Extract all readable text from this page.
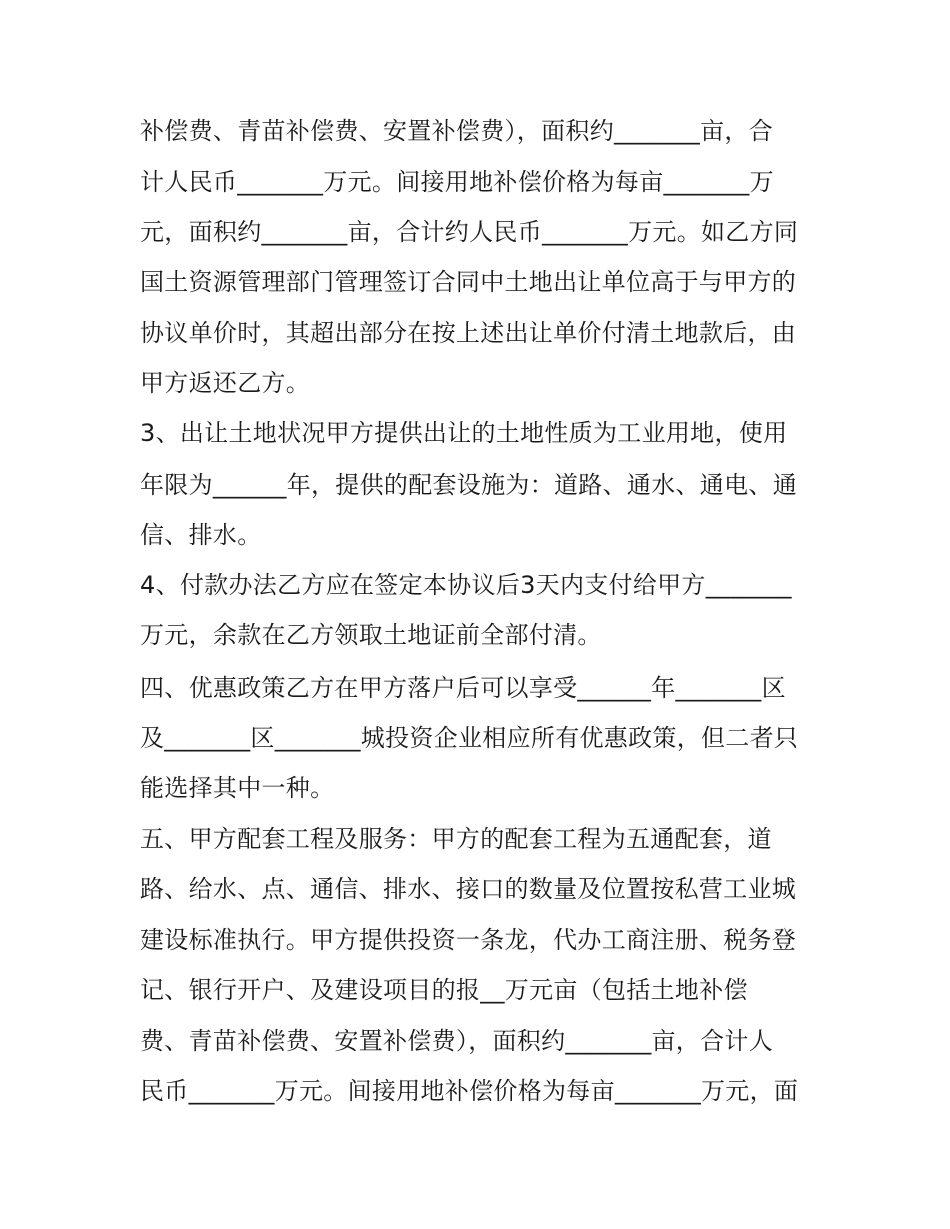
补偿费、青苗补偿费、安置补偿费），面积约_______亩，合
计人民币_______万元。间接用地补偿价格为每亩_______万
元，面积约_______亩，合计约人民币_______万元。如乙方同
国土资源管理部门管理签订合同中土地出让单位高于与甲方的
协议单价时，其超出部分在按上述出让单价付清土地款后，由
甲方返还乙方。
3、出让土地状况甲方提供出让的土地性质为工业用地，使用
年限为______年，提供的配套设施为：道路、通水、通电、通
信、排水。
4、付款办法乙方应在签定本协议后3天内支付给甲方_______
万元，余款在乙方领取土地证前全部付清。
四、优惠政策乙方在甲方落户后可以享受______年_______区
及_______区_______城投资企业相应所有优惠政策，但二者只
能选择其中一种。
五、甲方配套工程及服务：甲方的配套工程为五通配套，道
路、给水、点、通信、排水、接口的数量及位置按私营工业城
建设标准执行。甲方提供投资一条龙，代办工商注册、税务登
记、银行开户、及建设项目的报__万元亩（包括土地补偿
费、青苗补偿费、安置补偿费），面积约_______亩，合计人
民币_______万元。间接用地补偿价格为每亩_______万元，面
